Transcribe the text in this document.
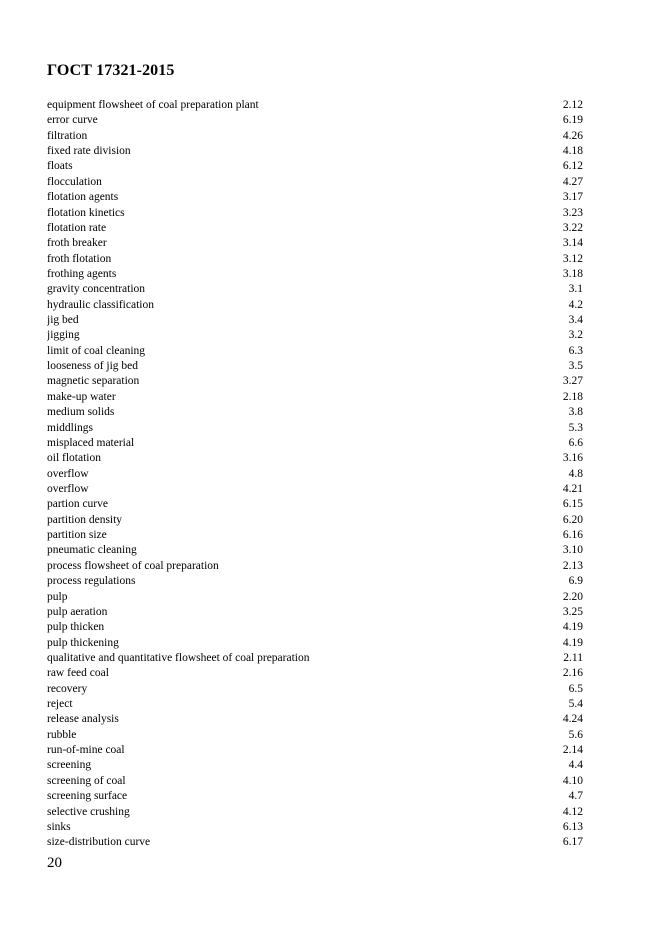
ГОСТ 17321-2015
equipment flowsheet of coal preparation plant	2.12
error curve	6.19
filtration	4.26
fixed rate division	4.18
floats	6.12
flocculation	4.27
flotation agents	3.17
flotation kinetics	3.23
flotation rate	3.22
froth breaker	3.14
froth flotation	3.12
frothing agents	3.18
gravity concentration	3.1
hydraulic classification	4.2
jig bed	3.4
jigging	3.2
limit of coal cleaning	6.3
looseness of jig bed	3.5
magnetic separation	3.27
make-up water	2.18
medium solids	3.8
middlings	5.3
misplaced material	6.6
oil flotation	3.16
overflow	4.8
overflow	4.21
partion curve	6.15
partition density	6.20
partition size	6.16
pneumatic cleaning	3.10
process flowsheet of coal preparation	2.13
process regulations	6.9
pulp	2.20
pulp aeration	3.25
pulp thicken	4.19
pulp thickening	4.19
qualitative and quantitative flowsheet of coal preparation	2.11
raw feed coal	2.16
recovery	6.5
reject	5.4
release analysis	4.24
rubble	5.6
run-of-mine coal	2.14
screening	4.4
screening of coal	4.10
screening surface	4.7
selective crushing	4.12
sinks	6.13
size-distribution curve	6.17
20
